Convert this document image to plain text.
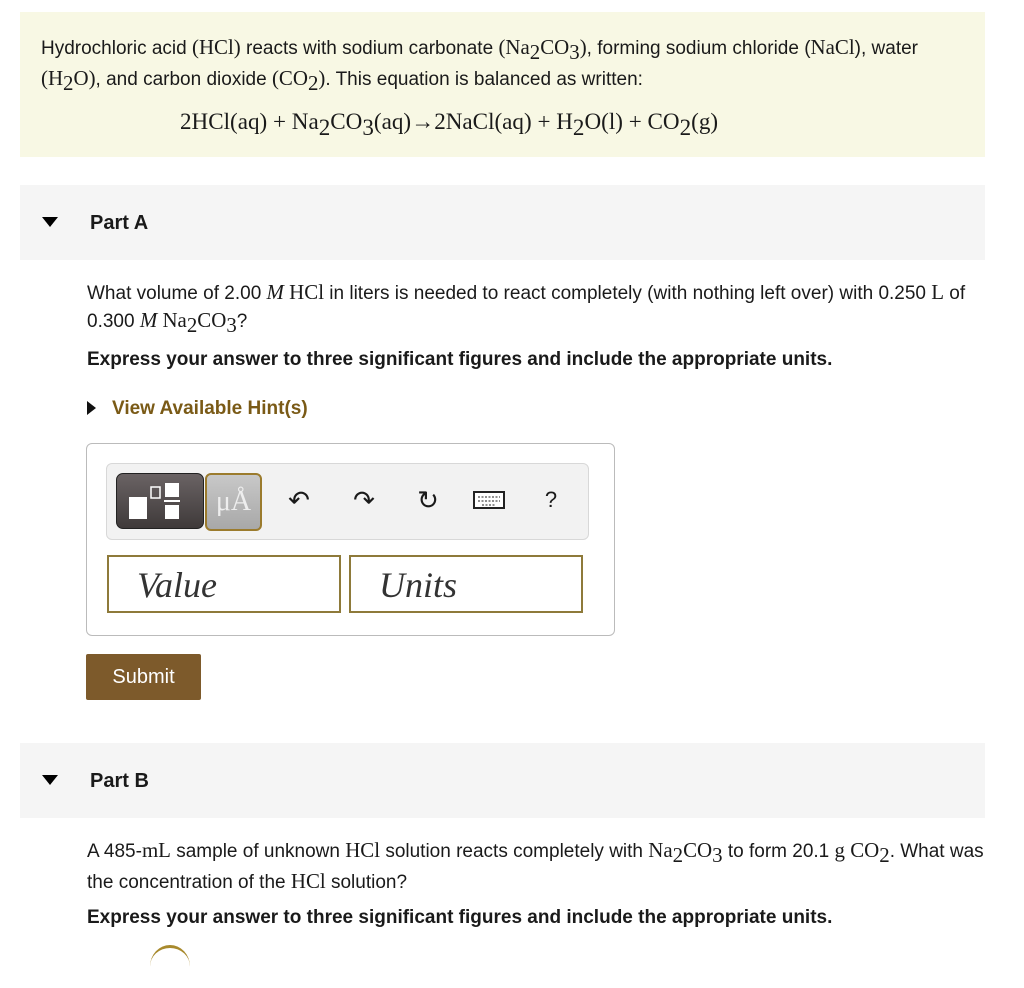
Hydrochloric acid (HCl) reacts with sodium carbonate $(Na_2CO_3)$, forming sodium chloride (NaCl), water $(H_2O)$, and carbon dioxide $(CO_2)$. This equation is balanced as written:
$2HCl(aq) + Na_2CO_3(aq)\to 2NaCl(aq) + H_2O(l) + CO_2(g)$
Part A
What volume of 2.00 M HCl in liters is needed to react completely (with nothing left over) with 0.250 L of 0.300 M $Na_2CO_3$?
Express your answer to three significant figures and include the appropriate units.
View Available Hint(s)
μÅ	↶ ↷ ↻	?
Value	Units
Submit
Part B
A 485-mL sample of unknown HCl solution reacts completely with $Na_2CO_3$ to form 20.1 g $CO_2$. What was the concentration of the HCl solution?
Express your answer to three significant figures and include the appropriate units.
